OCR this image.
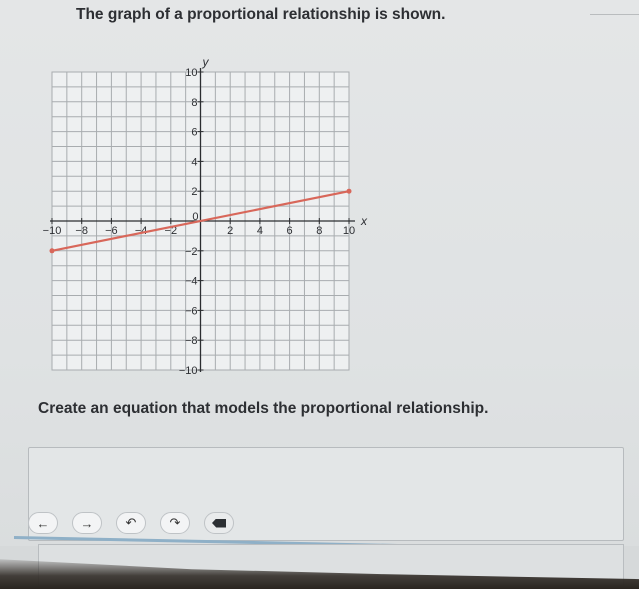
The graph of a proportional relationship is shown.
−10 −8 −6 −4 −2
0
2 4 6 8 10
−10
−8
−6
−4
−2
2
4
6
8
10
x
y
Create an equation that models the proportional relationship.
← → ↶	↷
